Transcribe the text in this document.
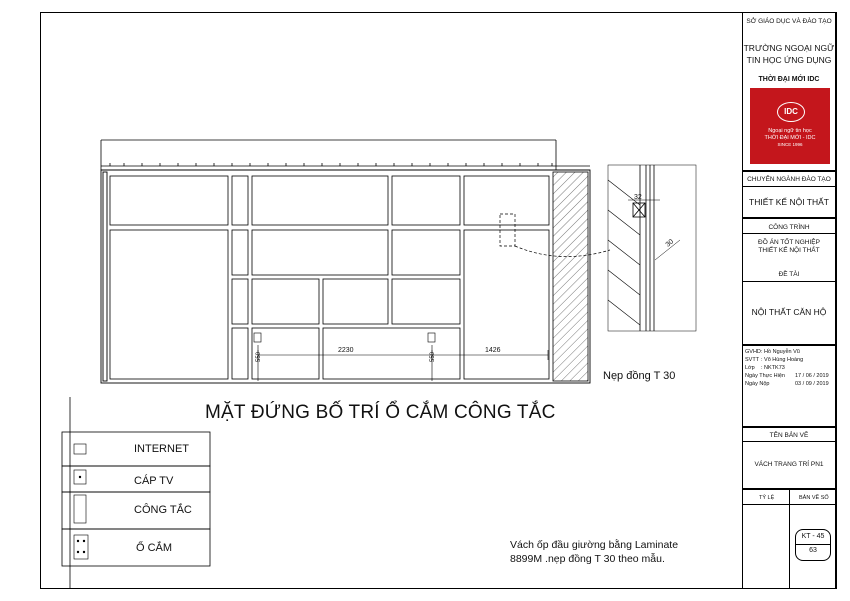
2230	1426
550	550
32
30
MẶT ĐỨNG BỐ TRÍ Ổ CẮM CÔNG TẮC
Nẹp đồng T 30
Vách ốp đầu giường bằng Laminate 8899M .nẹp đồng T 30 theo mẫu.
INTERNET
CÁP TV
CÔNG TẮC
Ổ CẮM
SỞ GIÁO DỤC VÀ ĐÀO TẠO
TRƯỜNG NGOẠI NGỮ
TIN HỌC ỨNG DỤNG
THỜI ĐẠI MỚI IDC
IDC
Ngoại ngữ tin học
THỜI ĐẠI MỚI - IDC
SINCE 1996
CHUYÊN NGÀNH ĐÀO TẠO
THIẾT KẾ NỘI THẤT
CÔNG TRÌNH
ĐỒ ÁN TỐT NGHIỆP
THIẾT KẾ NỘI THẤT
ĐỀ TÀI
NỘI THẤT CĂN HỘ
GVHD : Hồ Nguyễn Vũ
SVTT : Võ Hùng Hoàng
Lớp : NKTK73
Ngày Thực Hiện 17 / 06 / 2019
Ngày Nộp	03 / 09 / 2019
TÊN BẢN VẼ
VÁCH TRANG TRÍ PN1
TỶ LỆ	BẢN VẼ SỐ
KT - 45
63
